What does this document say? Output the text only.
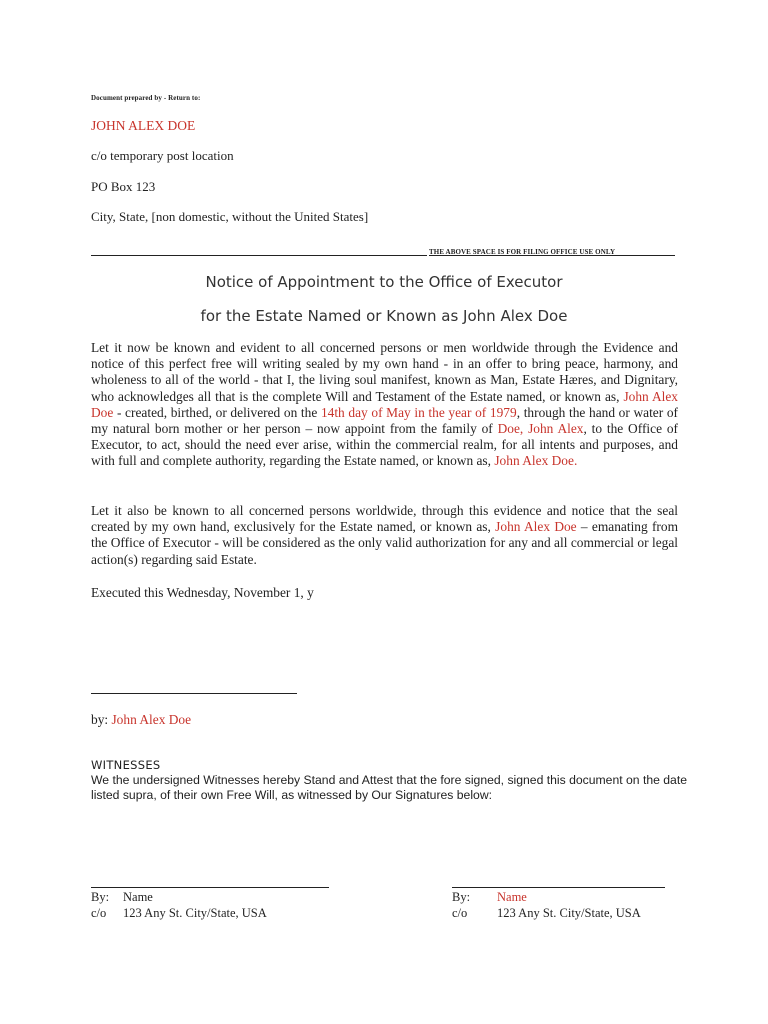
Document prepared by - Return to:
JOHN ALEX DOE
c/o temporary post location
PO Box 123
City, State, [non domestic, without the United States]
THE ABOVE SPACE IS FOR FILING OFFICE USE ONLY
Notice of Appointment to the Office of Executor
for the Estate Named or Known as John Alex Doe
Let it now be known and evident to all concerned persons or men worldwide through the Evidence and notice of this perfect free will writing sealed by my own hand - in an offer to bring peace, harmony, and wholeness to all of the world - that I, the living soul manifest, known as Man, Estate Hæres, and Dignitary, who acknowledges all that is the complete Will and Testament of the Estate named, or known as, John Alex Doe - created, birthed, or delivered on the 14th day of May in the year of 1979, through the hand or water of my natural born mother or her person – now appoint from the family of Doe, John Alex, to the Office of Executor, to act, should the need ever arise, within the commercial realm, for all intents and purposes, and with full and complete authority, regarding the Estate named, or known as, John Alex Doe.
Let it also be known to all concerned persons worldwide, through this evidence and notice that the seal created by my own hand, exclusively for the Estate named, or known as, John Alex Doe – emanating from the Office of Executor - will be considered as the only valid authorization for any and all commercial or legal action(s) regarding said Estate.
Executed this Wednesday, November 1, y
by: John Alex Doe
WITNESSES
We the undersigned Witnesses hereby Stand and Attest that the fore signed, signed this document on the date listed supra, of their own Free Will, as witnessed by Our Signatures below:
By: Name
c/o 123 Any St. City/State, USA
By: Name
c/o 123 Any St. City/State, USA
